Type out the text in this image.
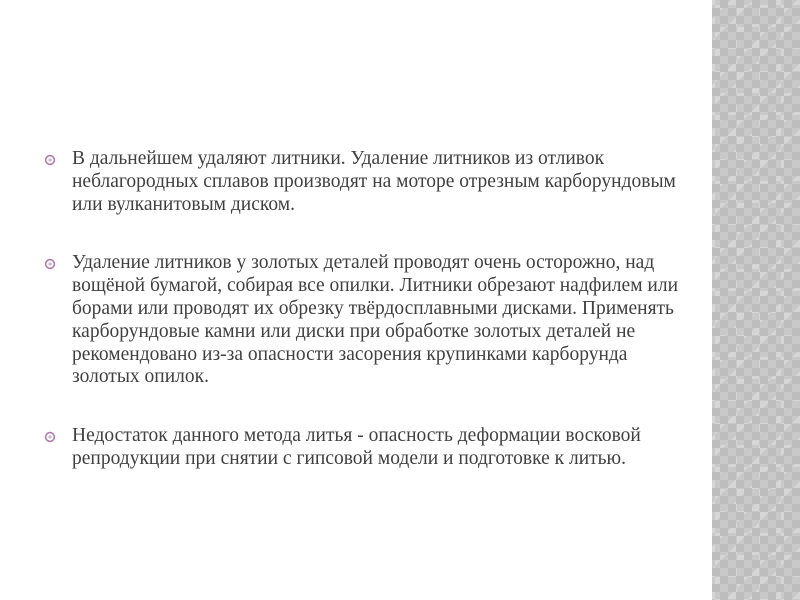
В дальнейшем удаляют литники. Удаление литников из отливок неблагородных сплавов производят на моторе отрезным карборундовым или вулканитовым диском.
Удаление литников у золотых деталей проводят очень осторожно, над вощёной бумагой, собирая все опилки. Литники обрезают надфилем или борами или проводят их обрезку твёрдосплавными дисками. Применять карборундовые камни или диски при обработке золотых деталей не рекомендовано из-за опасности засорения крупинками карборунда золотых опилок.
Недостаток данного метода литья - опасность деформации восковой репродукции при снятии с гипсовой модели и подготовке к литью.
